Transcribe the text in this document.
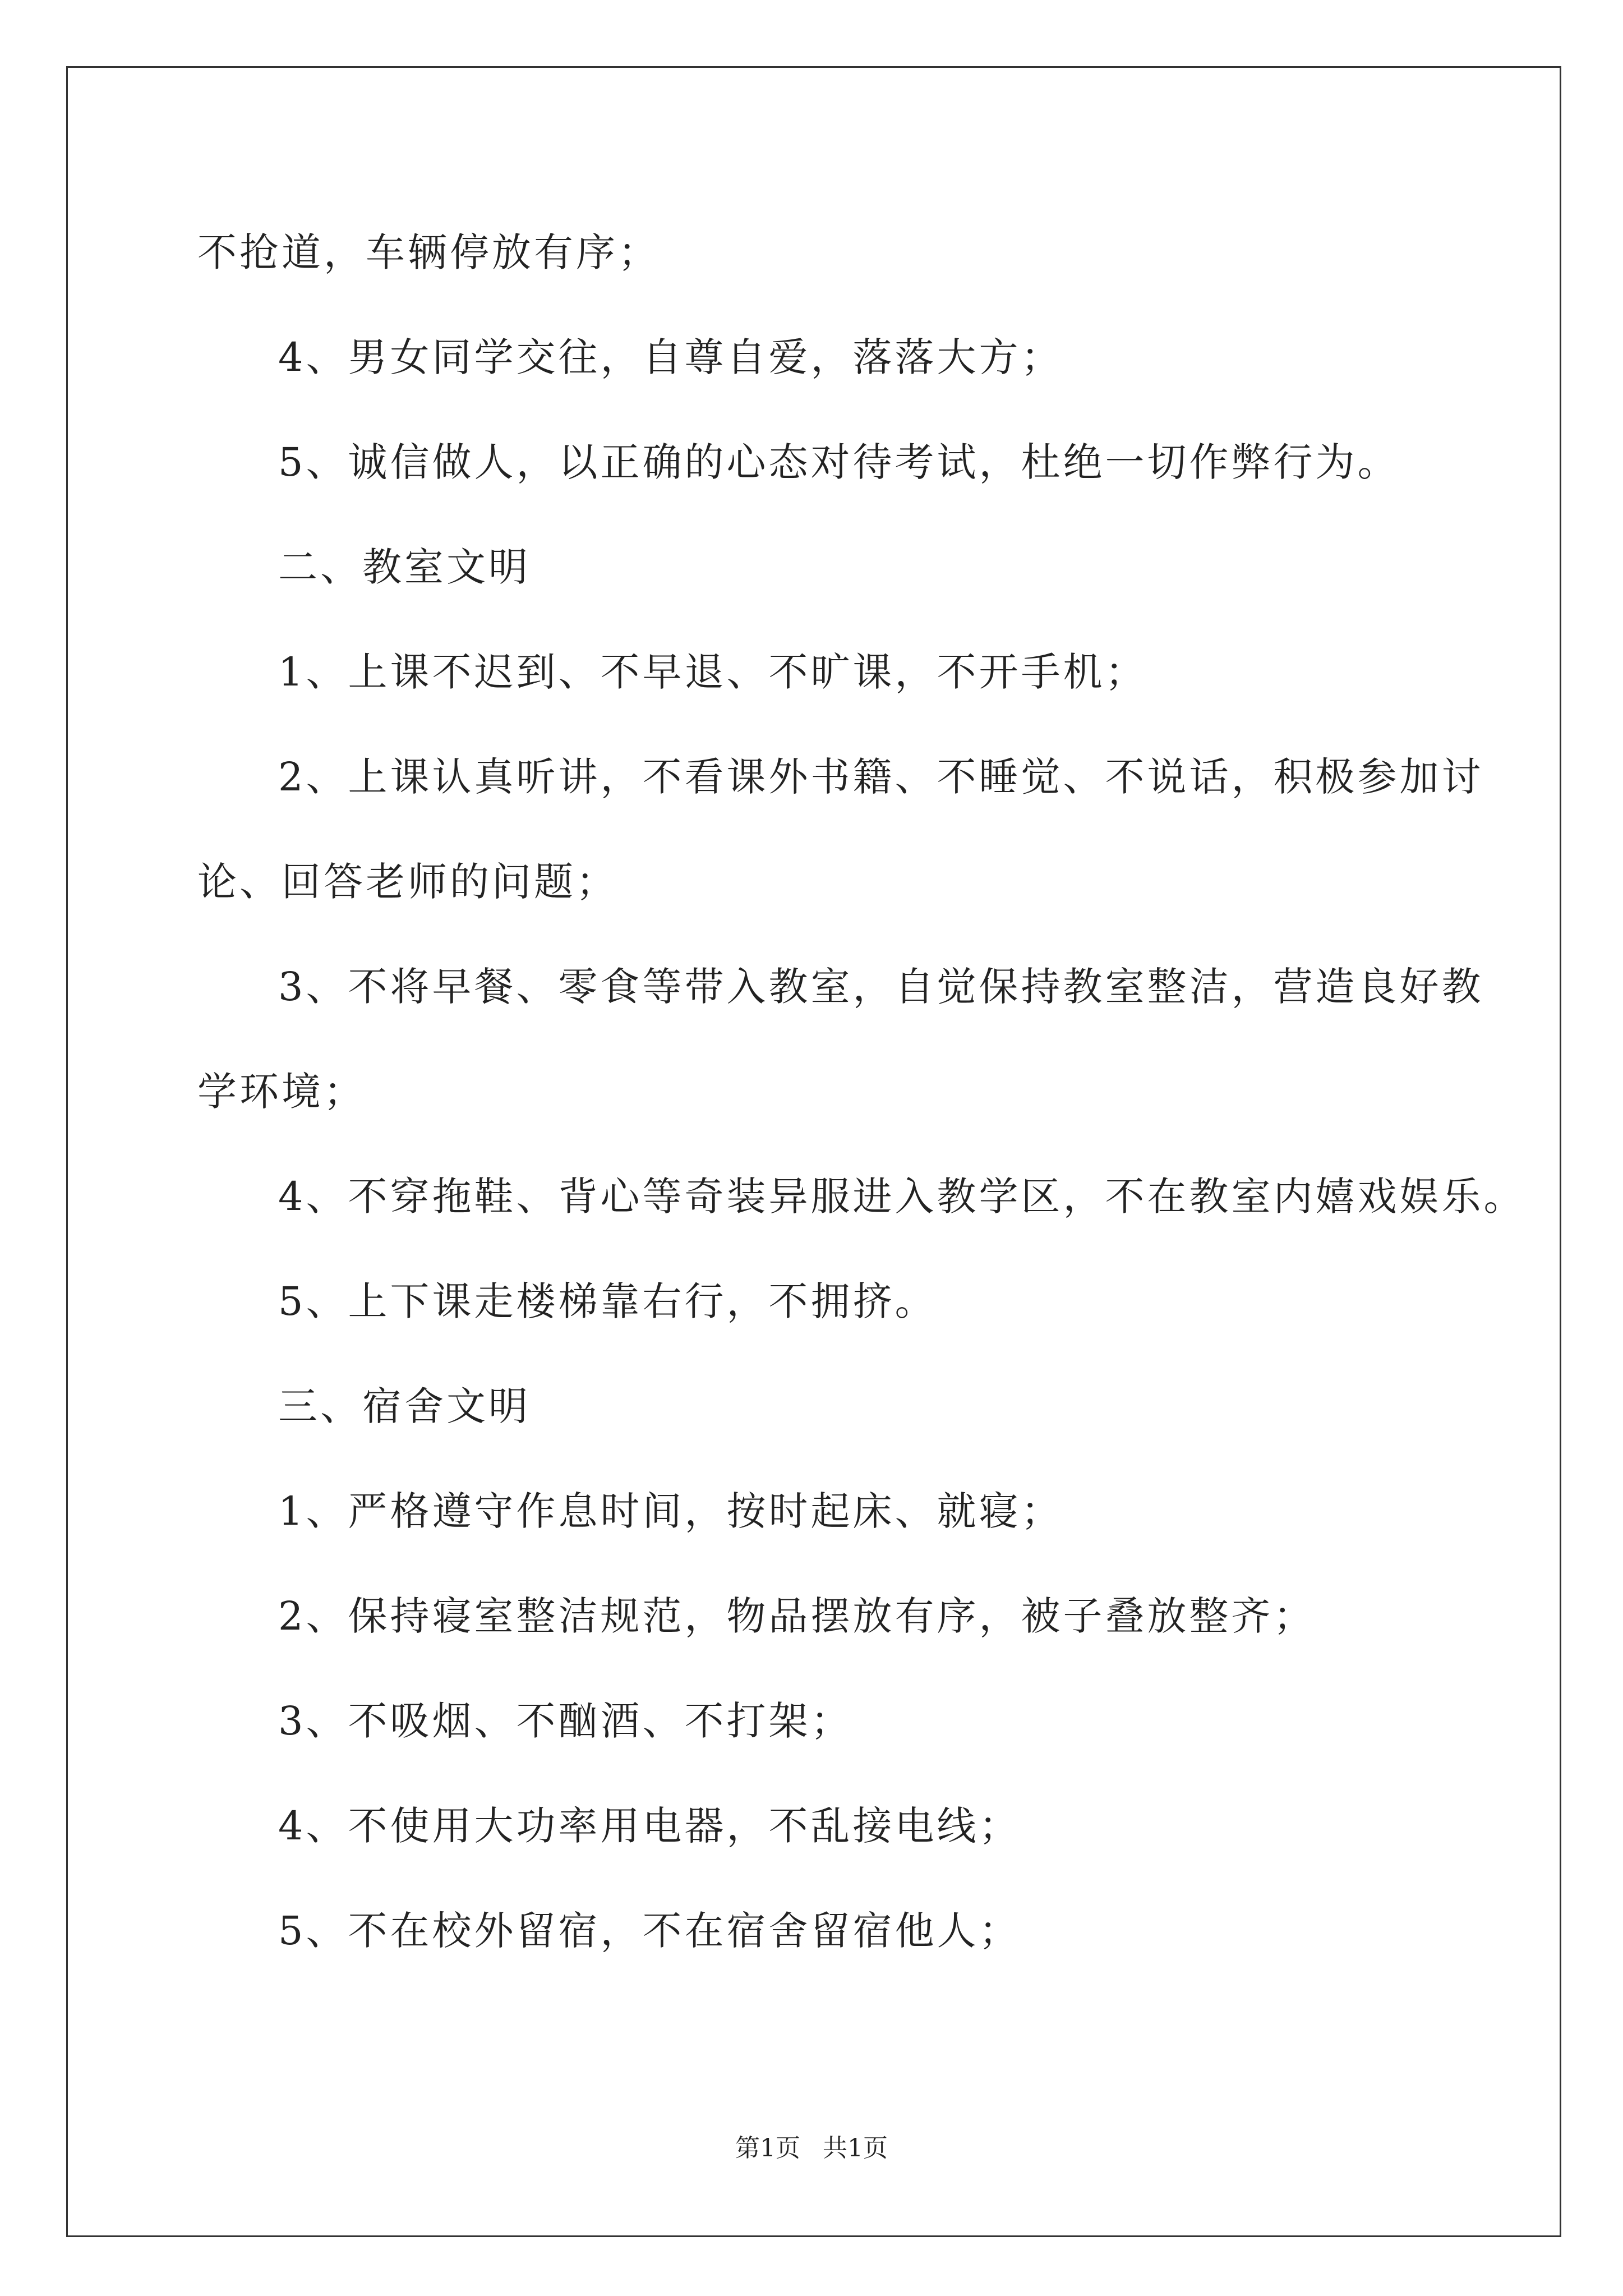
不抢道，车辆停放有序；
4、男女同学交往，自尊自爱，落落大方；
5、诚信做人，以正确的心态对待考试，杜绝一切作弊行为。
二、教室文明
1、上课不迟到、不早退、不旷课，不开手机；
2、上课认真听讲，不看课外书籍、不睡觉、不说话，积极参加讨
论、回答老师的问题；
3、不将早餐、零食等带入教室，自觉保持教室整洁，营造良好教
学环境；
4、不穿拖鞋、背心等奇装异服进入教学区，不在教室内嬉戏娱乐。
5、上下课走楼梯靠右行，不拥挤。
三、宿舍文明
1、严格遵守作息时间，按时起床、就寝；
2、保持寝室整洁规范，物品摆放有序，被子叠放整齐；
3、不吸烟、不酗酒、不打架；
4、不使用大功率用电器，不乱接电线；
5、不在校外留宿，不在宿舍留宿他人；
第1页 共1页
